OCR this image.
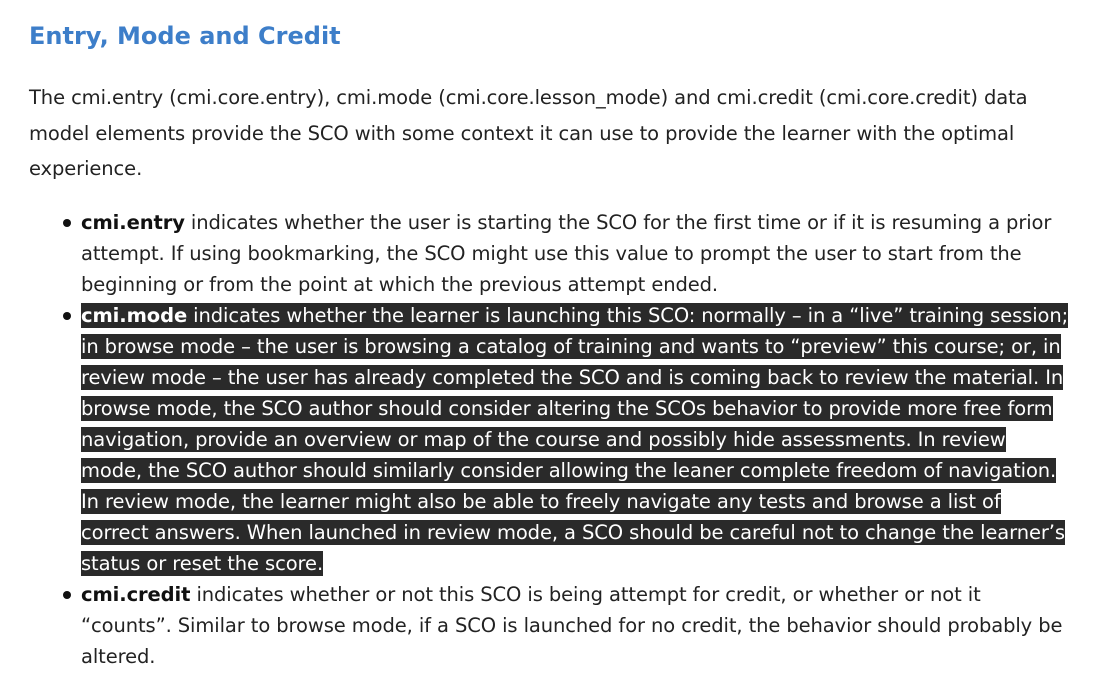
Entry, Mode and Credit

The cmi.entry (cmi.core.entry), cmi.mode (cmi.core.lesson_mode) and cmi.credit (cmi.core.credit) data model elements provide the SCO with some context it can use to provide the learner with the optimal experience.

cmi.entry indicates whether the user is starting the SCO for the first time or if it is resuming a prior attempt. If using bookmarking, the SCO might use this value to prompt the user to start from the beginning or from the point at which the previous attempt ended.
cmi.mode indicates whether the learner is launching this SCO: normally – in a “live” training session; in browse mode – the user is browsing a catalog of training and wants to “preview” this course; or, in review mode – the user has already completed the SCO and is coming back to review the material. In browse mode, the SCO author should consider altering the SCOs behavior to provide more free form navigation, provide an overview or map of the course and possibly hide assessments. In review mode, the SCO author should similarly consider allowing the leaner complete freedom of navigation. In review mode, the learner might also be able to freely navigate any tests and browse a list of correct answers. When launched in review mode, a SCO should be careful not to change the learner’s status or reset the score.
cmi.credit indicates whether or not this SCO is being attempt for credit, or whether or not it “counts”. Similar to browse mode, if a SCO is launched for no credit, the behavior should probably be altered.
